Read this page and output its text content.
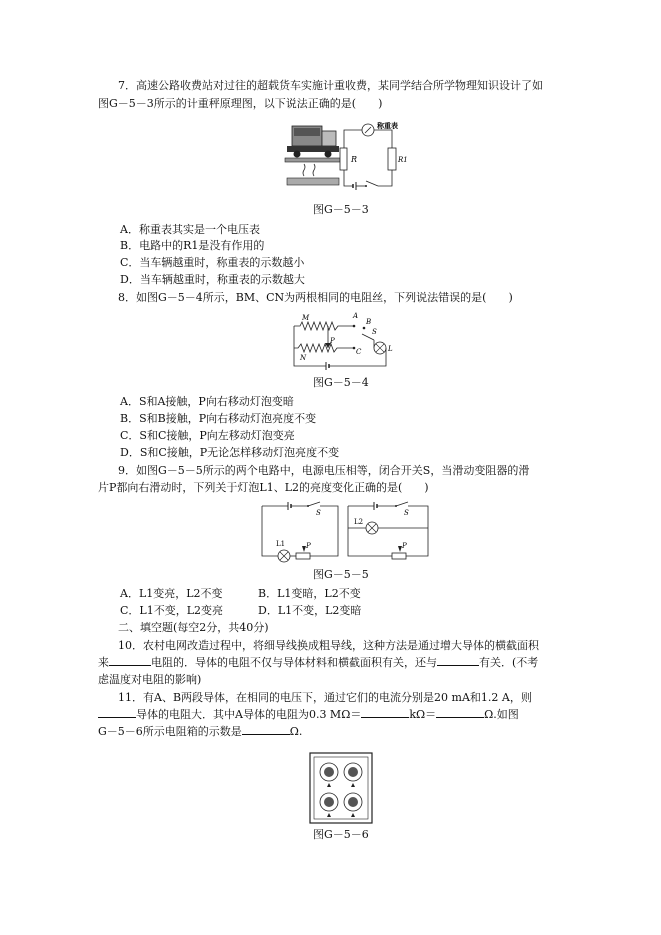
7．高速公路收费站对过往的超载货车实施计重收费，某同学结合所学物理知识设计了如
图G－5－3所示的计重秤原理图，以下说法正确的是(　　)
R
称重表
R1
图G－5－3
A．称重表其实是一个电压表
B．电路中的R1是没有作用的
C．当车辆越重时，称重表的示数越小
D．当车辆越重时，称重表的示数越大
8．如图G－5－4所示，BM、CN为两根相同的电阻丝，下列说法错误的是(　　)
M	A
B
S
N
P
C	L
图G－5－4
A．S和A接触，P向右移动灯泡变暗
B．S和B接触，P向右移动灯泡亮度不变
C．S和C接触，P向左移动灯泡变亮
D．S和C接触，P无论怎样移动灯泡亮度不变
9．如图G－5－5所示的两个电路中，电源电压相等，闭合开关S，当滑动变阻器的滑
片P都向右滑动时，下列关于灯泡L1、L2的亮度变化正确的是(　　)
S
L1	P
S
L2
P
图G－5－5
A．L1变亮，L2不变	B．L1变暗，L2不变
C．L1不变，L2变亮	D．L1不变，L2变暗
二、填空题(每空2分，共40分)
10．农村电网改造过程中，将细导线换成粗导线，这种方法是通过增大导体的横截面积
来	电阻的．导体的电阻不仅与导体材料和横截面积有关，还与	有关．(不考
虑温度对电阻的影响)
11．有A、B两段导体，在相同的电压下，通过它们的电流分别是20 mA和1.2 A，则
导体的电阻大．其中A导体的电阻为0.3 MΩ＝	kΩ＝	Ω.如图
G－5－6所示电阻箱的示数是	Ω.
图G－5－6
